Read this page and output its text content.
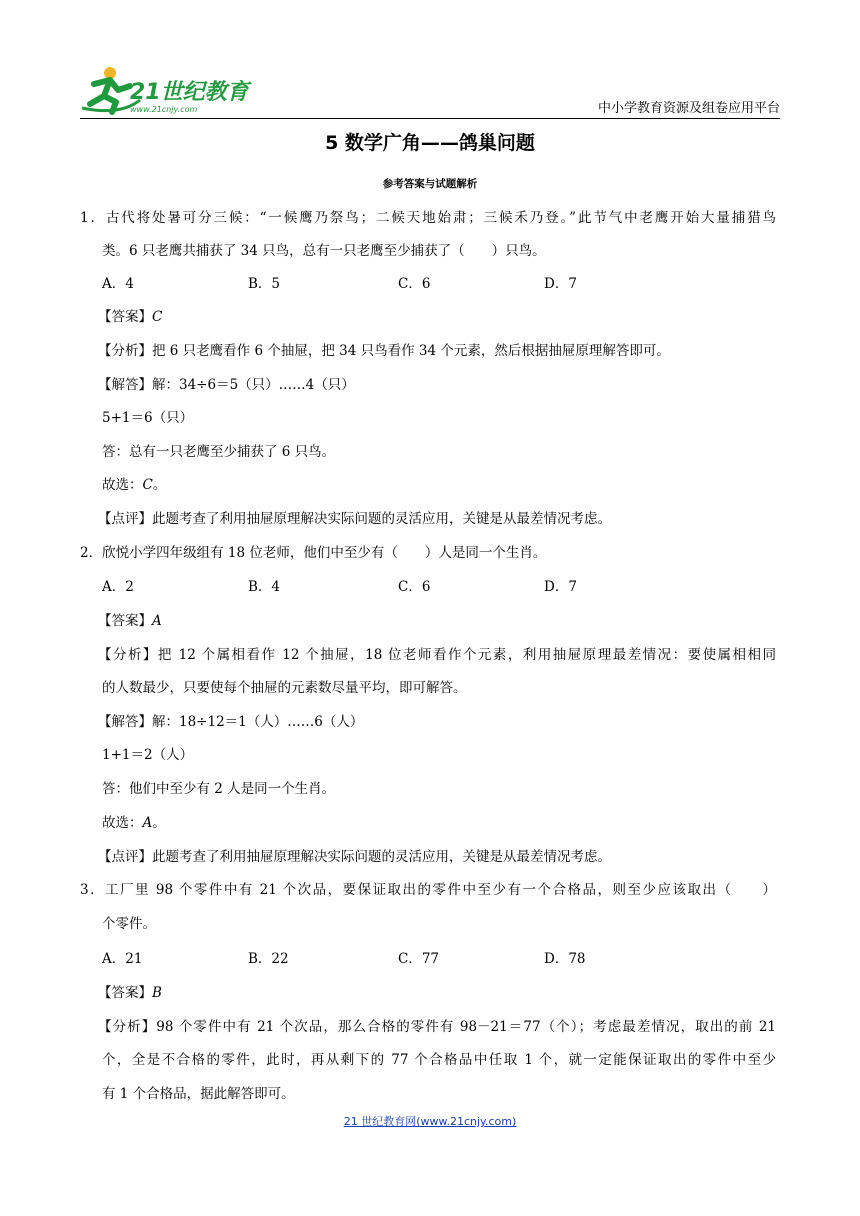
21世纪教育
www.21cnjy.com	中小学教育资源及组卷应用平台
5 数学广角——鸽巢问题
参考答案与试题解析
1．古代将处暑可分三候：“一候鹰乃祭鸟；二候天地始肃；三候禾乃登。”此节气中老鹰开始大量捕猎鸟
类。6 只老鹰共捕获了 34 只鸟，总有一只老鹰至少捕获了（　　）只鸟。
A．4	B．5	C．6	D．7
【答案】C
【分析】把 6 只老鹰看作 6 个抽屉，把 34 只鸟看作 34 个元素，然后根据抽屉原理解答即可。
【解答】解：34÷6＝5（只）……4（只）
5+1＝6（只）
答：总有一只老鹰至少捕获了 6 只鸟。
故选：C。
【点评】此题考查了利用抽屉原理解决实际问题的灵活应用，关键是从最差情况考虑。
2．欣悦小学四年级组有 18 位老师，他们中至少有（　　）人是同一个生肖。
A．2	B．4	C．6	D．7
【答案】A
【分析】把 12 个属相看作 12 个抽屉，18 位老师看作个元素，利用抽屉原理最差情况：要使属相相同
的人数最少，只要使每个抽屉的元素数尽量平均，即可解答。
【解答】解：18÷12＝1（人）……6（人）
1+1＝2（人）
答：他们中至少有 2 人是同一个生肖。
故选：A。
【点评】此题考查了利用抽屉原理解决实际问题的灵活应用，关键是从最差情况考虑。
3．工厂里 98 个零件中有 21 个次品，要保证取出的零件中至少有一个合格品，则至少应该取出（　　）
个零件。
A．21	B．22	C．77	D．78
【答案】B
【分析】98 个零件中有 21 个次品，那么合格的零件有 98－21＝77（个）；考虑最差情况，取出的前 21
个，全是不合格的零件，此时，再从剩下的 77 个合格品中任取 1 个，就一定能保证取出的零件中至少
有 1 个合格品，据此解答即可。
21 世纪教育网(www.21cnjy.com)
